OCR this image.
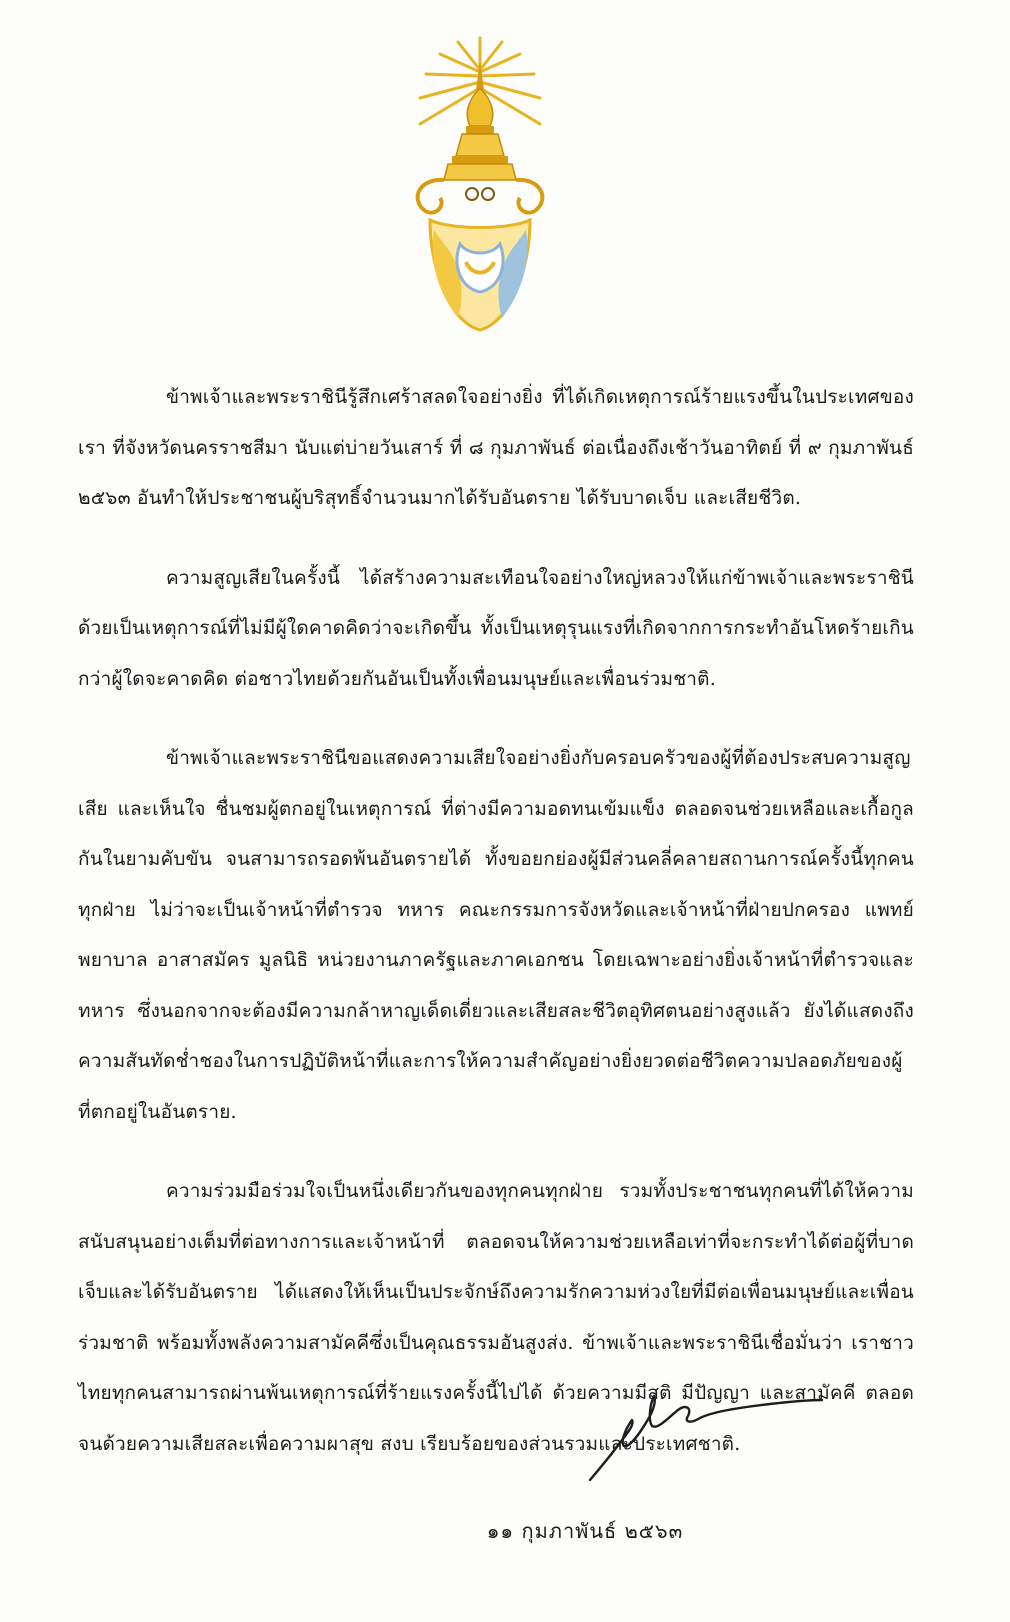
ข้าพเจ้าและพระราชินีรู้สึกเศร้าสลดใจอย่างยิ่ง ที่ได้เกิดเหตุการณ์ร้ายแรงขึ้นในประเทศของเรา ที่จังหวัดนครราชสีมา นับแต่บ่ายวันเสาร์ ที่ ๘ กุมภาพันธ์ ต่อเนื่องถึงเช้าวันอาทิตย์ ที่ ๙ กุมภาพันธ์ ๒๕๖๓ อันทำให้ประชาชนผู้บริสุทธิ์จำนวนมากได้รับอันตราย ได้รับบาดเจ็บ และเสียชีวิต.

ความสูญเสียในครั้งนี้ ได้สร้างความสะเทือนใจอย่างใหญ่หลวงให้แก่ข้าพเจ้าและพระราชินี ด้วยเป็นเหตุการณ์ที่ไม่มีผู้ใดคาดคิดว่าจะเกิดขึ้น ทั้งเป็นเหตุรุนแรงที่เกิดจากการกระทำอันโหดร้ายเกินกว่าผู้ใดจะคาดคิด ต่อชาวไทยด้วยกันอันเป็นทั้งเพื่อนมนุษย์และเพื่อนร่วมชาติ.

ข้าพเจ้าและพระราชินีขอแสดงความเสียใจอย่างยิ่งกับครอบครัวของผู้ที่ต้องประสบความสูญเสีย และเห็นใจ ชื่นชมผู้ตกอยู่ในเหตุการณ์ ที่ต่างมีความอดทนเข้มแข็ง ตลอดจนช่วยเหลือและเกื้อกูลกันในยามคับขัน จนสามารถรอดพ้นอันตรายได้ ทั้งขอยกย่องผู้มีส่วนคลี่คลายสถานการณ์ครั้งนี้ทุกคนทุกฝ่าย ไม่ว่าจะเป็นเจ้าหน้าที่ตำรวจ ทหาร คณะกรรมการจังหวัดและเจ้าหน้าที่ฝ่ายปกครอง แพทย์ พยาบาล อาสาสมัคร มูลนิธิ หน่วยงานภาครัฐและภาคเอกชน โดยเฉพาะอย่างยิ่งเจ้าหน้าที่ตำรวจและทหาร ซึ่งนอกจากจะต้องมีความกล้าหาญเด็ดเดี่ยวและเสียสละชีวิตอุทิศตนอย่างสูงแล้ว ยังได้แสดงถึงความสันทัดช่ำชองในการปฏิบัติหน้าที่และการให้ความสำคัญอย่างยิ่งยวดต่อชีวิตความปลอดภัยของผู้ที่ตกอยู่ในอันตราย.

ความร่วมมือร่วมใจเป็นหนึ่งเดียวกันของทุกคนทุกฝ่าย รวมทั้งประชาชนทุกคนที่ได้ให้ความสนับสนุนอย่างเต็มที่ต่อทางการและเจ้าหน้าที่ ตลอดจนให้ความช่วยเหลือเท่าที่จะกระทำได้ต่อผู้ที่บาดเจ็บและได้รับอันตราย ได้แสดงให้เห็นเป็นประจักษ์ถึงความรักความห่วงใยที่มีต่อเพื่อนมนุษย์และเพื่อนร่วมชาติ พร้อมทั้งพลังความสามัคคีซึ่งเป็นคุณธรรมอันสูงส่ง. ข้าพเจ้าและพระราชินีเชื่อมั่นว่า เราชาวไทยทุกคนสามารถผ่านพ้นเหตุการณ์ที่ร้ายแรงครั้งนี้ไปได้ ด้วยความมีสติ มีปัญญา และสามัคคี ตลอดจนด้วยความเสียสละเพื่อความผาสุข สงบ เรียบร้อยของส่วนรวมและประเทศชาติ.

๑๑ กุมภาพันธ์ ๒๕๖๓
